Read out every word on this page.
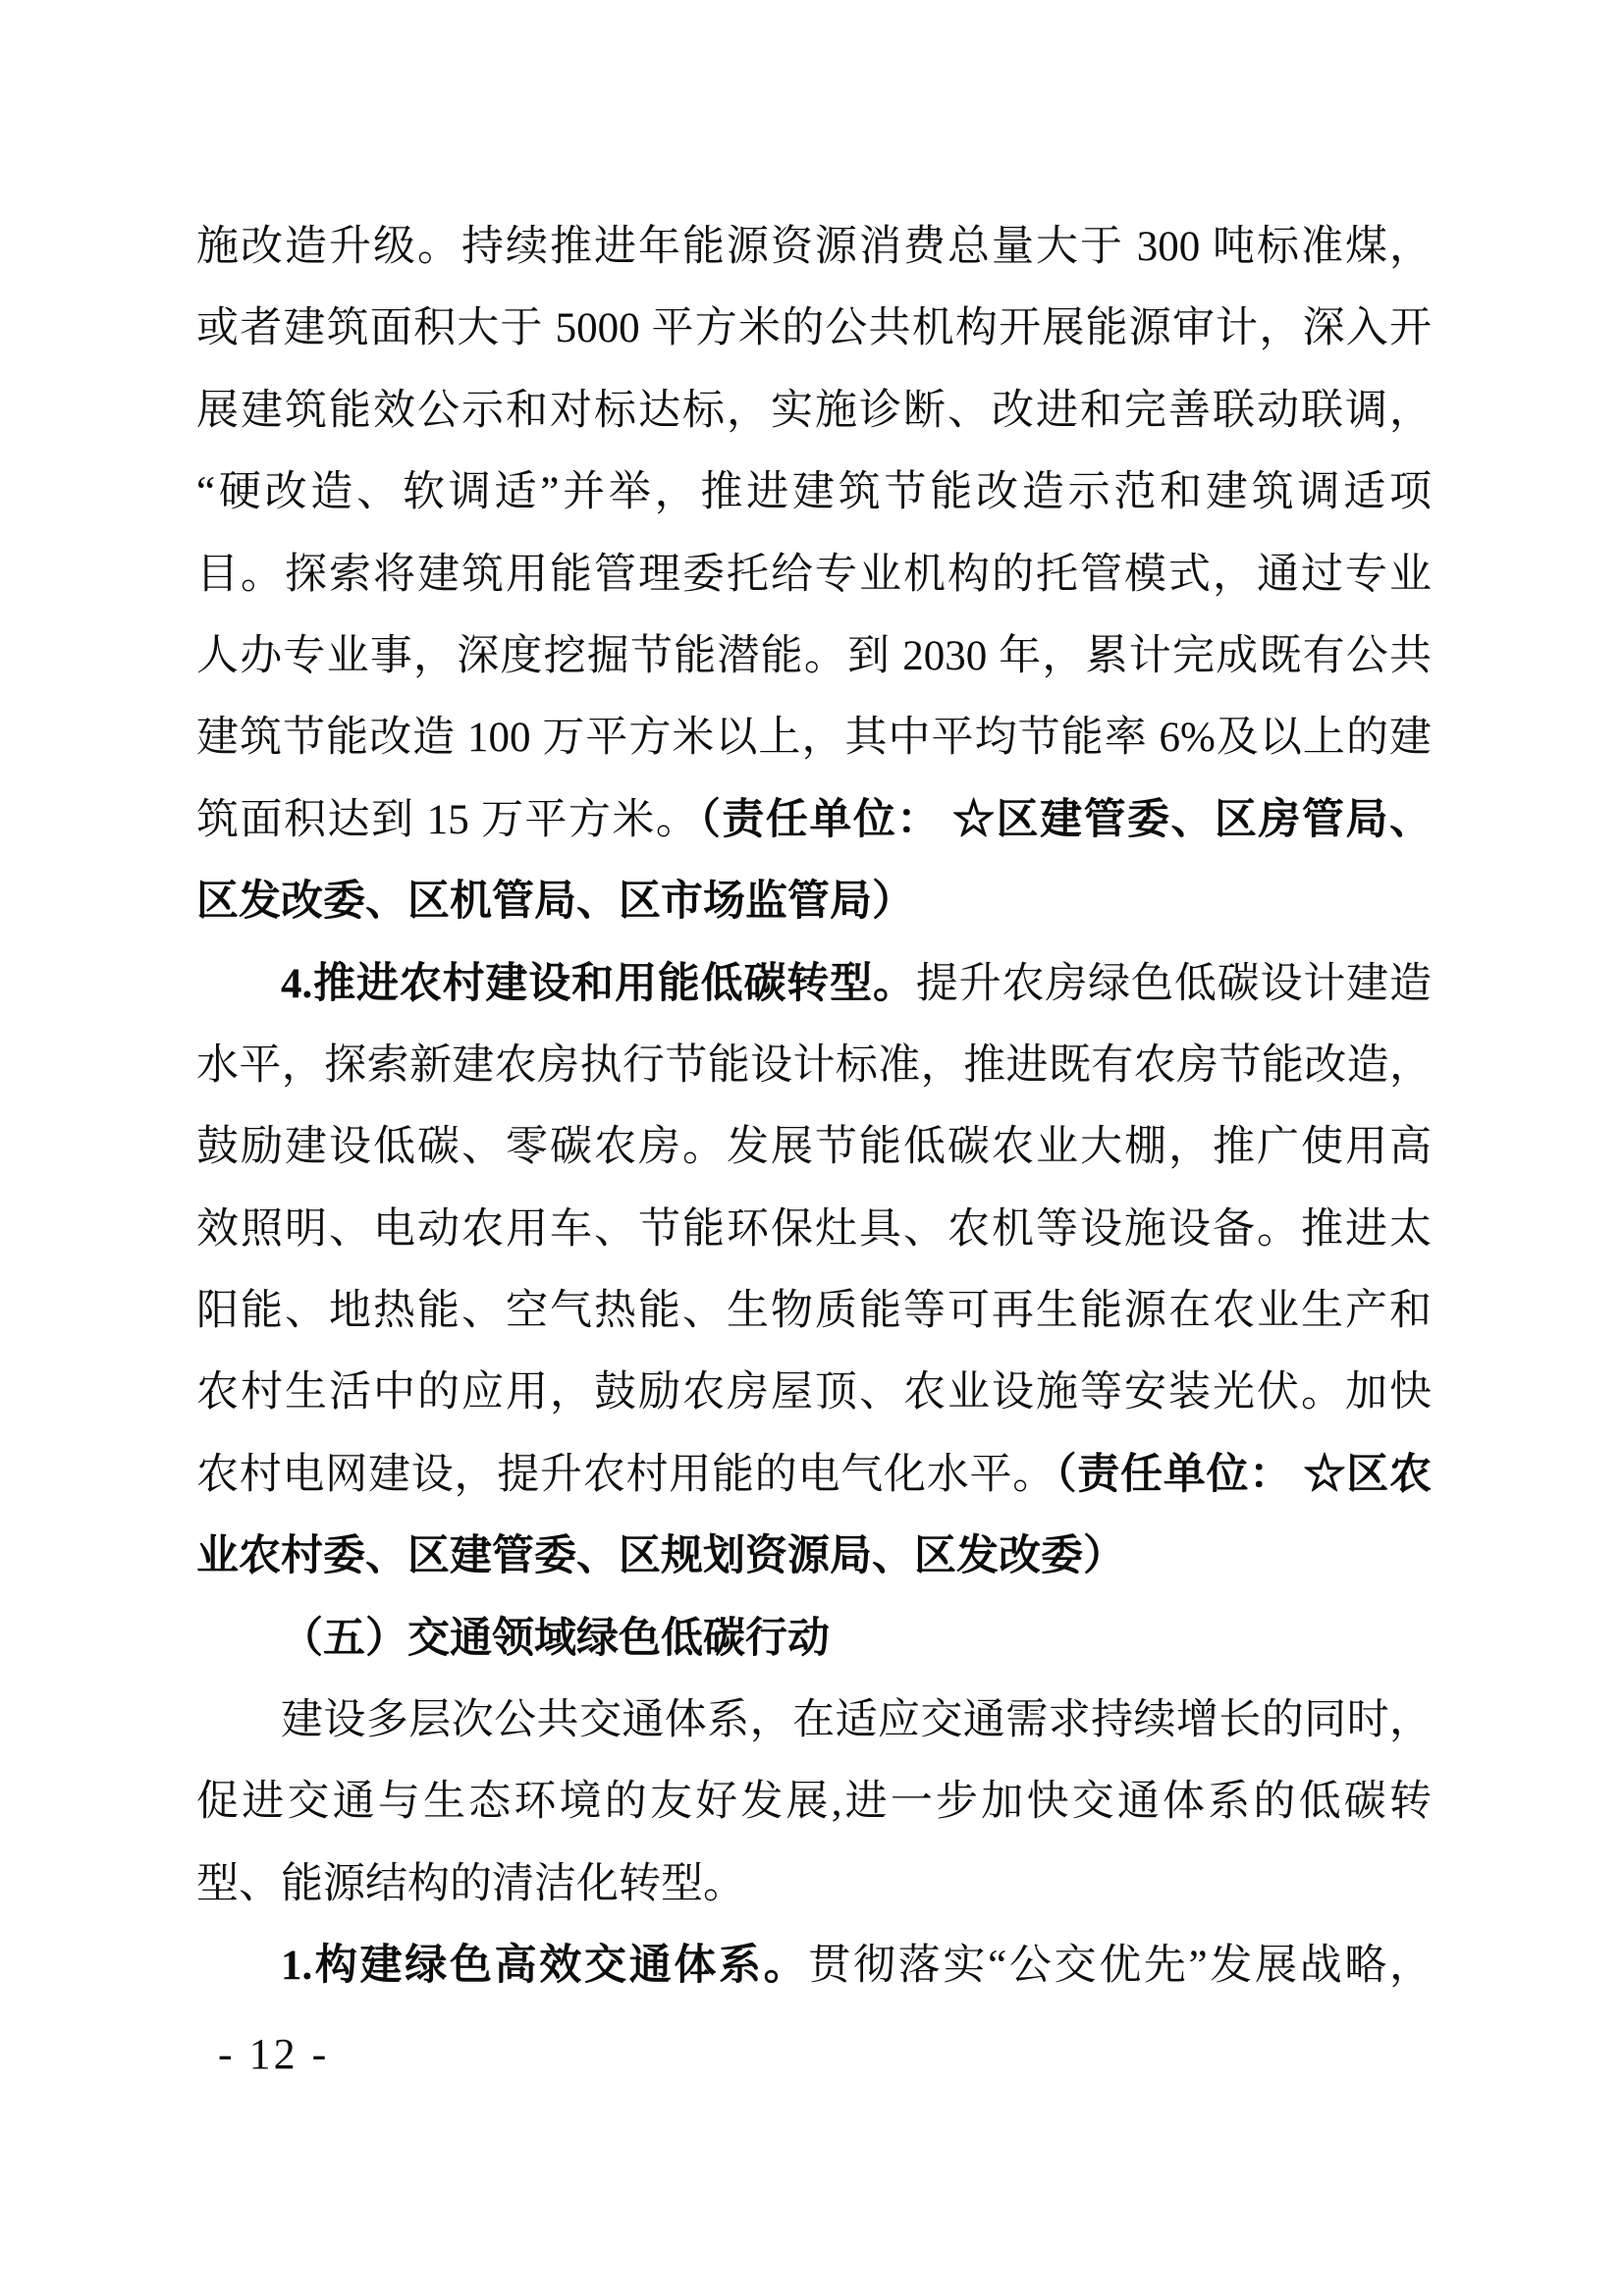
施改造升级。持续推进年能源资源消费总量大于 300 吨标准煤，
或者建筑面积大于 5000 平方米的公共机构开展能源审计，深入开
展建筑能效公示和对标达标，实施诊断、改进和完善联动联调，
“硬改造、软调适”并举，推进建筑节能改造示范和建筑调适项
目。探索将建筑用能管理委托给专业机构的托管模式，通过专业
人办专业事，深度挖掘节能潜能。到 2030 年，累计完成既有公共
建筑节能改造 100 万平方米以上，其中平均节能率 6%及以上的建
筑面积达到 15 万平方米。（责任单位： ☆区建管委、区房管局、
区发改委、区机管局、区市场监管局）
4.推进农村建设和用能低碳转型。提升农房绿色低碳设计建造
水平，探索新建农房执行节能设计标准，推进既有农房节能改造，
鼓励建设低碳、零碳农房。发展节能低碳农业大棚，推广使用高
效照明、电动农用车、节能环保灶具、农机等设施设备。推进太
阳能、地热能、空气热能、生物质能等可再生能源在农业生产和
农村生活中的应用，鼓励农房屋顶、农业设施等安装光伏。加快
农村电网建设，提升农村用能的电气化水平。（责任单位： ☆区农
业农村委、区建管委、区规划资源局、区发改委）
（五）交通领域绿色低碳行动
建设多层次公共交通体系，在适应交通需求持续增长的同时，
促进交通与生态环境的友好发展,进一步加快交通体系的低碳转
型、能源结构的清洁化转型。
1.构建绿色高效交通体系。贯彻落实“公交优先”发展战略，
- 12 -
